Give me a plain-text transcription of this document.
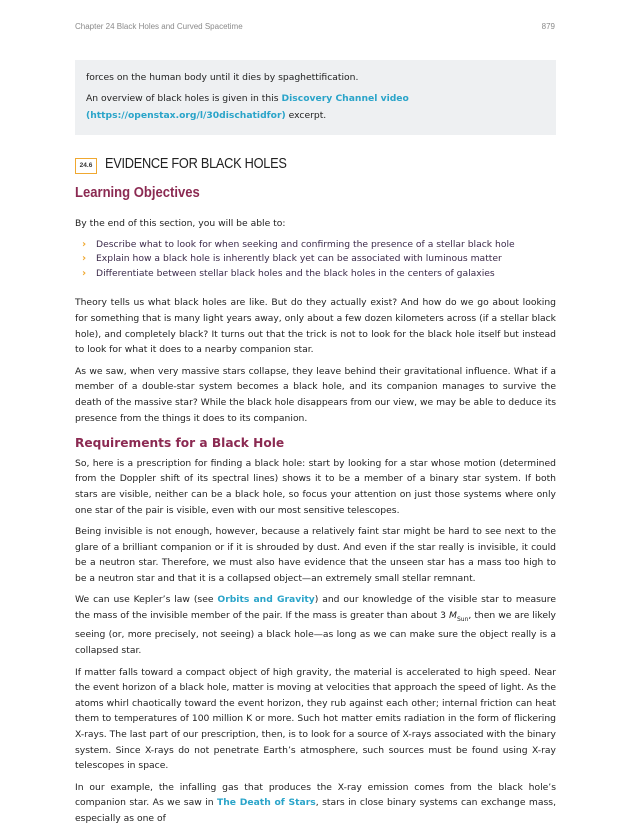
Chapter 24 Black Holes and Curved Spacetime	879

forces on the human body until it dies by spaghettification.

An overview of black holes is given in this Discovery Channel video (https://openstax.org/l/30dischatidfor) excerpt.

24.6 EVIDENCE FOR BLACK HOLES
Learning Objectives

By the end of this section, you will be able to:

› Describe what to look for when seeking and confirming the presence of a stellar black hole
› Explain how a black hole is inherently black yet can be associated with luminous matter
› Differentiate between stellar black holes and the black holes in the centers of galaxies

Theory tells us what black holes are like. But do they actually exist? And how do we go about looking for something that is many light years away, only about a few dozen kilometers across (if a stellar black hole), and completely black? It turns out that the trick is not to look for the black hole itself but instead to look for what it does to a nearby companion star.

As we saw, when very massive stars collapse, they leave behind their gravitational influence. What if a member of a double-star system becomes a black hole, and its companion manages to survive the death of the massive star? While the black hole disappears from our view, we may be able to deduce its presence from the things it does to its companion.

Requirements for a Black Hole

So, here is a prescription for finding a black hole: start by looking for a star whose motion (determined from the Doppler shift of its spectral lines) shows it to be a member of a binary star system. If both stars are visible, neither can be a black hole, so focus your attention on just those systems where only one star of the pair is visible, even with our most sensitive telescopes.

Being invisible is not enough, however, because a relatively faint star might be hard to see next to the glare of a brilliant companion or if it is shrouded by dust. And even if the star really is invisible, it could be a neutron star. Therefore, we must also have evidence that the unseen star has a mass too high to be a neutron star and that it is a collapsed object—an extremely small stellar remnant.

We can use Kepler’s law (see Orbits and Gravity) and our knowledge of the visible star to measure the mass of the invisible member of the pair. If the mass is greater than about 3 $M_{Sun}$, then we are likely seeing (or, more precisely, not seeing) a black hole—as long as we can make sure the object really is a collapsed star.

If matter falls toward a compact object of high gravity, the material is accelerated to high speed. Near the event horizon of a black hole, matter is moving at velocities that approach the speed of light. As the atoms whirl chaotically toward the event horizon, they rub against each other; internal friction can heat them to temperatures of 100 million K or more. Such hot matter emits radiation in the form of flickering X-rays. The last part of our prescription, then, is to look for a source of X-rays associated with the binary system. Since X-rays do not penetrate Earth’s atmosphere, such sources must be found using X-ray telescopes in space.

In our example, the infalling gas that produces the X-ray emission comes from the black hole’s companion star. As we saw in The Death of Stars, stars in close binary systems can exchange mass, especially as one of
